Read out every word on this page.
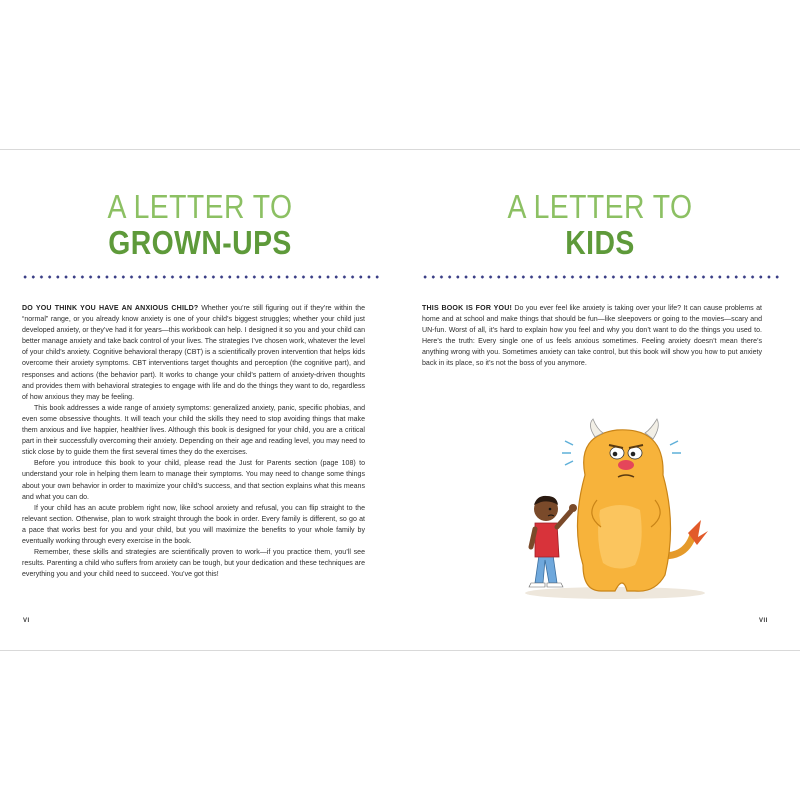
A LETTER TO
GROWN-UPS

DO YOU THINK YOU HAVE AN ANXIOUS CHILD? Whether you’re still figuring out if they’re within the “normal” range, or you already know anxiety is one of your child’s biggest struggles; whether your child just developed anxiety, or they’ve had it for years—this workbook can help. I designed it so you and your child can better manage anxiety and take back control of your lives. The strategies I’ve chosen work, whatever the level of your child’s anxiety. Cognitive behavioral therapy (CBT) is a scientifically proven intervention that helps kids overcome their anxiety symptoms. CBT interventions target thoughts and perception (the cognitive part), and responses and actions (the behavior part). It works to change your child’s pattern of anxiety-driven thoughts and provides them with behavioral strategies to engage with life and do the things they want to do, regardless of how anxious they may be feeling.

This book addresses a wide range of anxiety symptoms: generalized anxiety, panic, specific phobias, and even some obsessive thoughts. It will teach your child the skills they need to stop avoiding things that make them anxious and live happier, healthier lives. Although this book is designed for your child, you are a critical part in their successfully overcoming their anxiety. Depending on their age and reading level, you may need to stick close by to guide them the first several times they do the exercises.

Before you introduce this book to your child, please read the Just for Parents section (page 108) to understand your role in helping them learn to manage their symptoms. You may need to change some things about your own behavior in order to maximize your child’s success, and that section explains what this means and what you can do.

If your child has an acute problem right now, like school anxiety and refusal, you can flip straight to the relevant section. Otherwise, plan to work straight through the book in order. Every family is different, so go at a pace that works best for you and your child, but you will maximize the benefits to your whole family by eventually working through every exercise in the book.

Remember, these skills and strategies are scientifically proven to work—if you practice them, you’ll see results. Parenting a child who suffers from anxiety can be tough, but your dedication and these techniques are everything you and your child need to succeed. You’ve got this!

VI
A LETTER TO
KIDS

THIS BOOK IS FOR YOU! Do you ever feel like anxiety is taking over your life? It can cause problems at home and at school and make things that should be fun—like sleepovers or going to the movies—scary and UN-fun. Worst of all, it’s hard to explain how you feel and why you don’t want to do the things you used to. Here’s the truth: Every single one of us feels anxious sometimes. Feeling anxiety doesn’t mean there’s anything wrong with you. Sometimes anxiety can take control, but this book will show you how to put anxiety back in its place, so it’s not the boss of you anymore.

VII
